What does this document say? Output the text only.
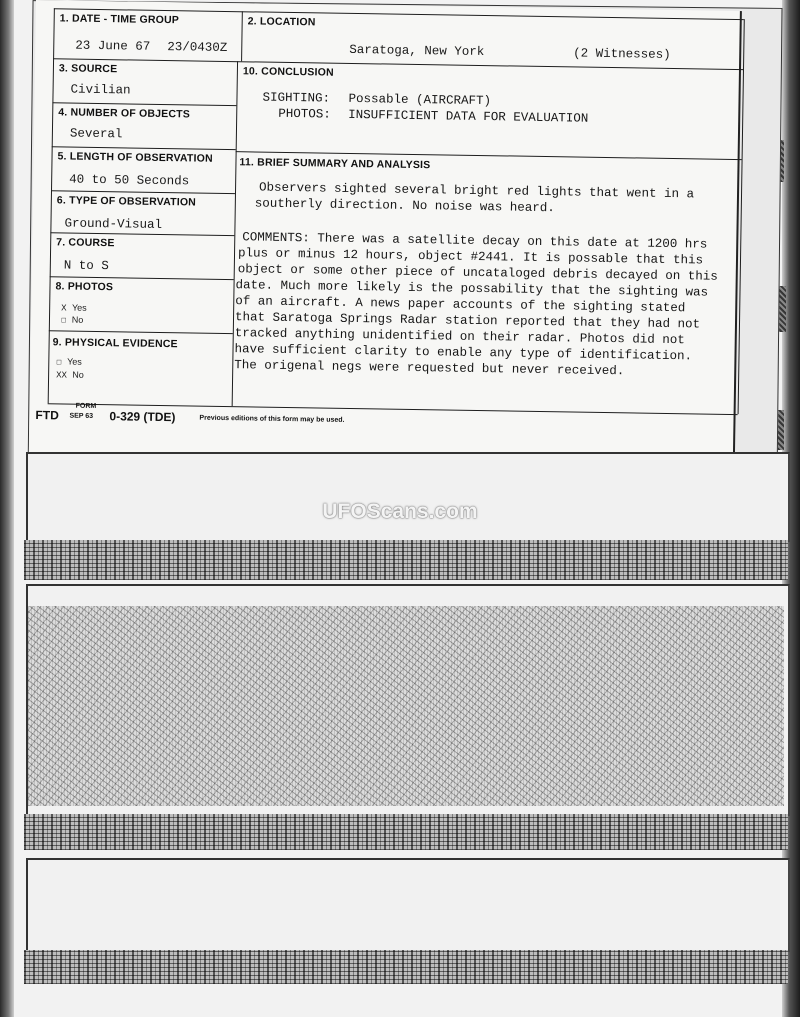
1. DATE - TIME GROUP
23 June 67 23/0430Z
2. LOCATION
Saratoga, New York	(2 Witnesses)
3. SOURCE
Civilian
4. NUMBER OF OBJECTS
Several
5. LENGTH OF OBSERVATION
40 to 50 Seconds
6. TYPE OF OBSERVATION
Ground-Visual
7. COURSE
N to S
8. PHOTOS
X Yes
☐ No
9. PHYSICAL EVIDENCE
☐ Yes
XX No
10. CONCLUSION
SIGHTING: Possable (AIRCRAFT)
PHOTOS: INSUFFICIENT DATA FOR EVALUATION
11. BRIEF SUMMARY AND ANALYSIS
Observers sighted several bright red lights that went in a
southerly direction. No noise was heard.
COMMENTS: There was a satellite decay on this date at 1200 hrs
plus or minus 12 hours, object #2441. It is possable that this
object or some other piece of uncataloged debris decayed on this
date. Much more likely is the possability that the sighting was
of an aircraft. A news paper accounts of the sighting stated
that Saratoga Springs Radar station reported that they had not
tracked anything unidentified on their radar. Photos did not
have sufficient clarity to enable any type of identification.
The origenal negs were requested but never received.
FTD
FORM
SEP 63 0-329 (TDE)	Previous editions of this form may be used.
UFOScans.com
